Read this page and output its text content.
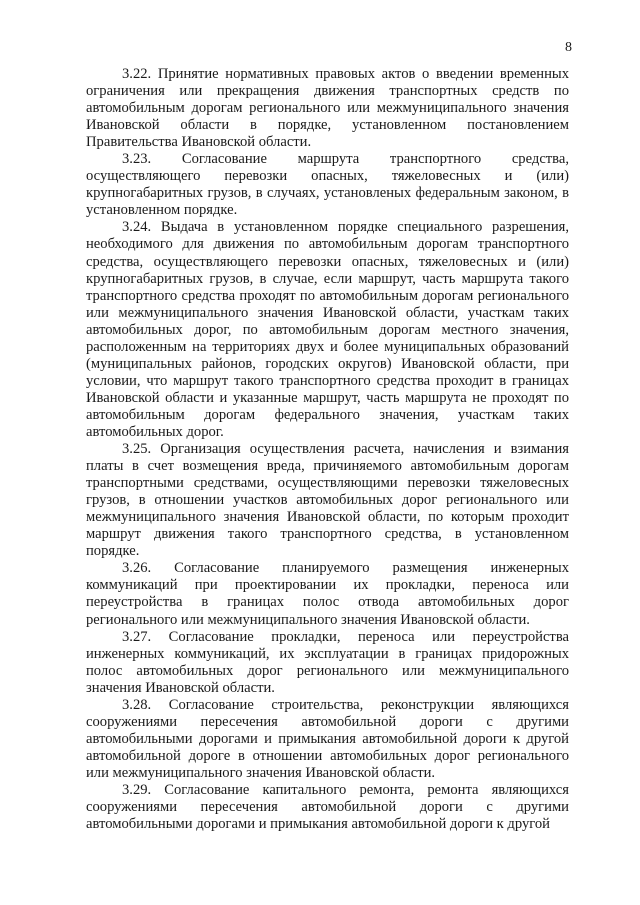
8

3.22. Принятие нормативных правовых актов о введении временных ограничения или прекращения движения транспортных средств по автомобильным дорогам регионального или межмуниципального значения Ивановской области в порядке, установленном постановлением Правительства Ивановской области.

3.23. Согласование маршрута транспортного средства, осуществляющего перевозки опасных, тяжеловесных и (или) крупногабаритных грузов, в случаях, установленых федеральным законом, в установленном порядке.

3.24. Выдача в установленном порядке специального разрешения, необходимого для движения по автомобильным дорогам транспортного средства, осуществляющего перевозки опасных, тяжеловесных и (или) крупногабаритных грузов, в случае, если маршрут, часть маршрута такого транспортного средства проходят по автомобильным дорогам регионального или межмуниципального значения Ивановской области, участкам таких автомобильных дорог, по автомобильным дорогам местного значения, расположенным на территориях двух и более муниципальных образований (муниципальных районов, городских округов) Ивановской области, при условии, что маршрут такого транспортного средства проходит в границах Ивановской области и указанные маршрут, часть маршрута не проходят по автомобильным дорогам федерального значения, участкам таких автомобильных дорог.

3.25. Организация осуществления расчета, начисления и взимания платы в счет возмещения вреда, причиняемого автомобильным дорогам транспортными средствами, осуществляющими перевозки тяжеловесных грузов, в отношении участков автомобильных дорог регионального или межмуниципального значения Ивановской области, по которым проходит маршрут движения такого транспортного средства, в установленном порядке.

3.26. Согласование планируемого размещения инженерных коммуникаций при проектировании их прокладки, переноса или переустройства в границах полос отвода автомобильных дорог регионального или межмуниципального значения Ивановской области.

3.27. Согласование прокладки, переноса или переустройства инженерных коммуникаций, их эксплуатации в границах придорожных полос автомобильных дорог регионального или межмуниципального значения Ивановской области.

3.28. Согласование строительства, реконструкции являющихся сооружениями пересечения автомобильной дороги с другими автомобильными дорогами и примыкания автомобильной дороги к другой автомобильной дороге в отношении автомобильных дорог регионального или межмуниципального значения Ивановской области.

3.29. Согласование капитального ремонта, ремонта являющихся сооружениями пересечения автомобильной дороги с другими автомобильными дорогами и примыкания автомобильной дороги к другой
